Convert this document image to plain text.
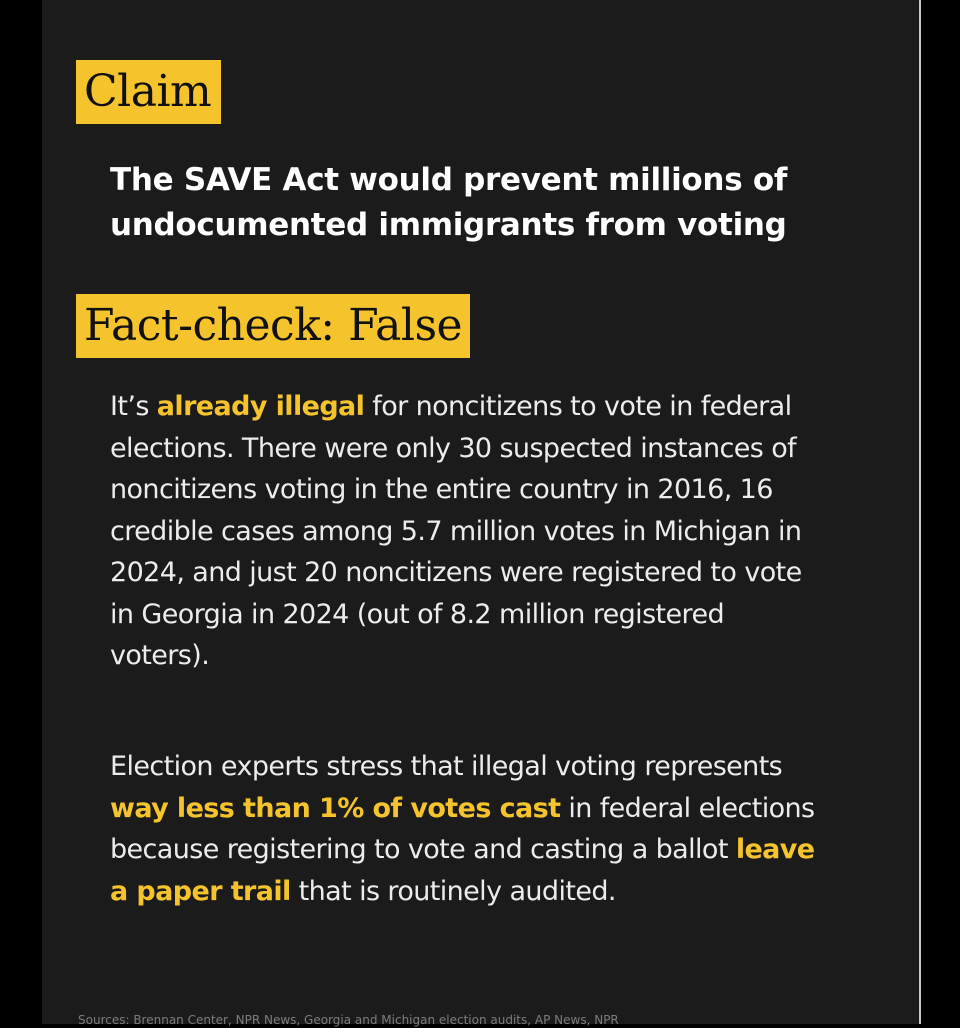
Claim
The SAVE Act would prevent millions of undocumented immigrants from voting
Fact-check: False
It’s already illegal for noncitizens to vote in federal elections. There were only 30 suspected instances of noncitizens voting in the entire country in 2016, 16 credible cases among 5.7 million votes in Michigan in 2024, and just 20 noncitizens were registered to vote in Georgia in 2024 (out of 8.2 million registered voters).
Election experts stress that illegal voting represents way less than 1% of votes cast in federal elections because registering to vote and casting a ballot leave a paper trail that is routinely audited.
Sources: Brennan Center, NPR News, Georgia and Michigan election audits, AP News, NPR
